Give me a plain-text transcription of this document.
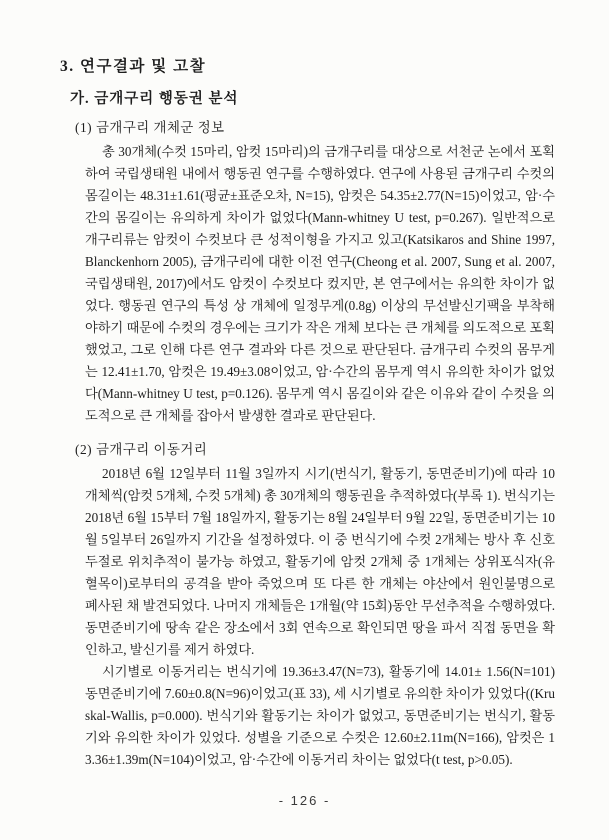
3. 연구결과 및 고찰
가. 금개구리 행동권 분석
(1) 금개구리 개체군 정보

총 30개체(수컷 15마리, 암컷 15마리)의 금개구리를 대상으로 서천군 논에서 포획하여 국립생태원 내에서 행동권 연구를 수행하였다. 연구에 사용된 금개구리 수컷의 몸길이는 48.31±1.61(평균±표준오차, N=15), 암컷은 54.35±2.77(N=15)이었고, 암·수간의 몸길이는 유의하게 차이가 없었다(Mann-whitney U test, p=0.267). 일반적으로 개구리류는 암컷이 수컷보다 큰 성적이형을 가지고 있고(Katsikaros and Shine 1997, Blanckenhorn 2005), 금개구리에 대한 이전 연구(Cheong et al. 2007, Sung et al. 2007, 국립생태원, 2017)에서도 암컷이 수컷보다 컸지만, 본 연구에서는 유의한 차이가 없었다. 행동권 연구의 특성 상 개체에 일정무게(0.8g) 이상의 무선발신기팩을 부착해야하기 때문에 수컷의 경우에는 크기가 작은 개체 보다는 큰 개체를 의도적으로 포획했었고, 그로 인해 다른 연구 결과와 다른 것으로 판단된다. 금개구리 수컷의 몸무게는 12.41±1.70, 암컷은 19.49±3.08이었고, 암·수간의 몸무게 역시 유의한 차이가 없었다(Mann-whitney U test, p=0.126). 몸무게 역시 몸길이와 같은 이유와 같이 수컷을 의도적으로 큰 개체를 잡아서 발생한 결과로 판단된다.

(2) 금개구리 이동거리

2018년 6월 12일부터 11월 3일까지 시기(번식기, 활동기, 동면준비기)에 따라 10개체씩(암컷 5개체, 수컷 5개체) 총 30개체의 행동권을 추적하였다(부록 1). 번식기는 2018년 6월 15부터 7월 18일까지, 활동기는 8월 24일부터 9월 22일, 동면준비기는 10월 5일부터 26일까지 기간을 설정하였다. 이 중 번식기에 수컷 2개체는 방사 후 신호두절로 위치추적이 불가능 하였고, 활동기에 암컷 2개체 중 1개체는 상위포식자(유혈목이)로부터의 공격을 받아 죽었으며 또 다른 한 개체는 야산에서 원인불명으로 폐사된 채 발견되었다. 나머지 개체들은 1개월(약 15회)동안 무선추적을 수행하였다. 동면준비기에 땅속 같은 장소에서 3회 연속으로 확인되면 땅을 파서 직접 동면을 확인하고, 발신기를 제거 하였다.

시기별로 이동거리는 번식기에 19.36±3.47(N=73), 활동기에 14.01± 1.56(N=101) 동면준비기에 7.60±0.8(N=96)이었고(표 33), 세 시기별로 유의한 차이가 있었다((Kruskal-Wallis, p=0.000). 번식기와 활동기는 차이가 없었고, 동면준비기는 번식기, 활동기와 유의한 차이가 있었다. 성별을 기준으로 수컷은 12.60±2.11m(N=166), 암컷은 13.36±1.39m(N=104)이었고, 암·수간에 이동거리 차이는 없었다(t test, p>0.05).

- 126 -
